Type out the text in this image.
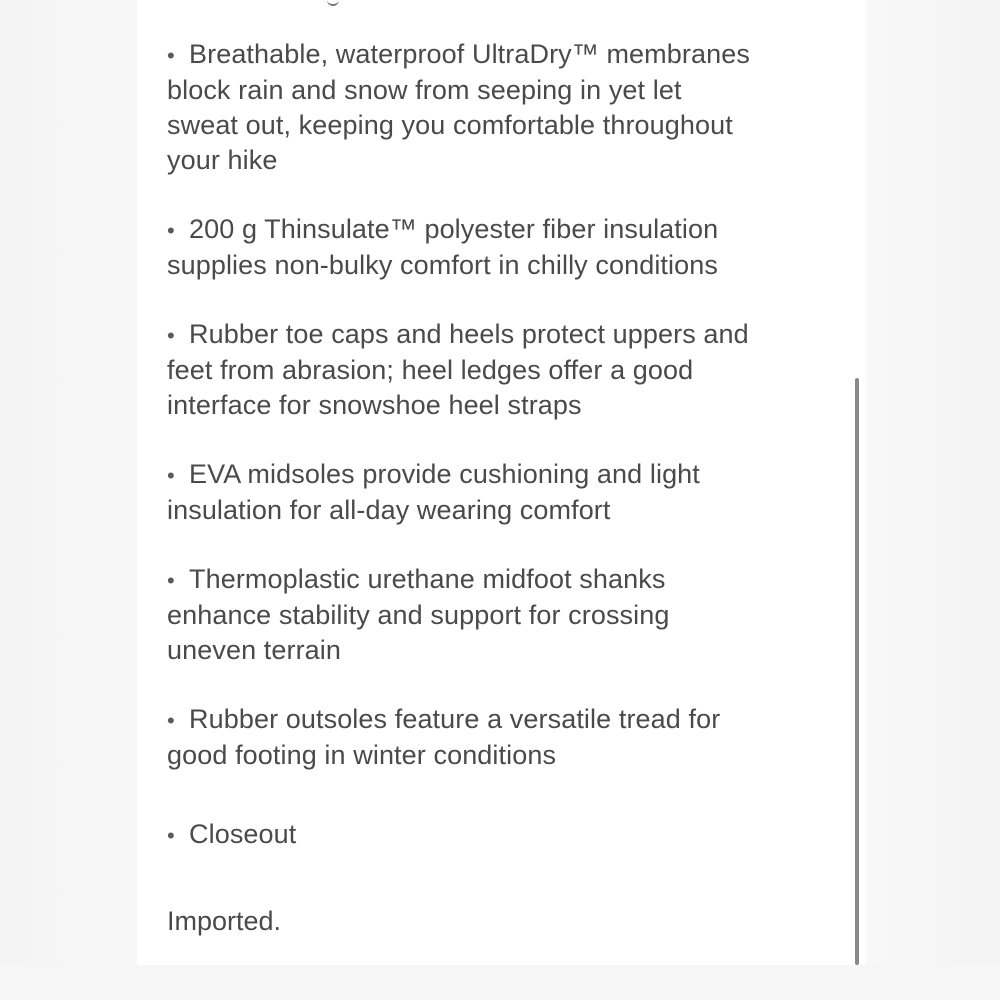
• Breathable, waterproof UltraDry™ membranes
block rain and snow from seeping in yet let
sweat out, keeping you comfortable throughout
your hike

• 200 g Thinsulate™ polyester fiber insulation
supplies non-bulky comfort in chilly conditions

• Rubber toe caps and heels protect uppers and
feet from abrasion; heel ledges offer a good
interface for snowshoe heel straps

• EVA midsoles provide cushioning and light
insulation for all-day wearing comfort

• Thermoplastic urethane midfoot shanks
enhance stability and support for crossing
uneven terrain

• Rubber outsoles feature a versatile tread for
good footing in winter conditions

• Closeout

Imported.
